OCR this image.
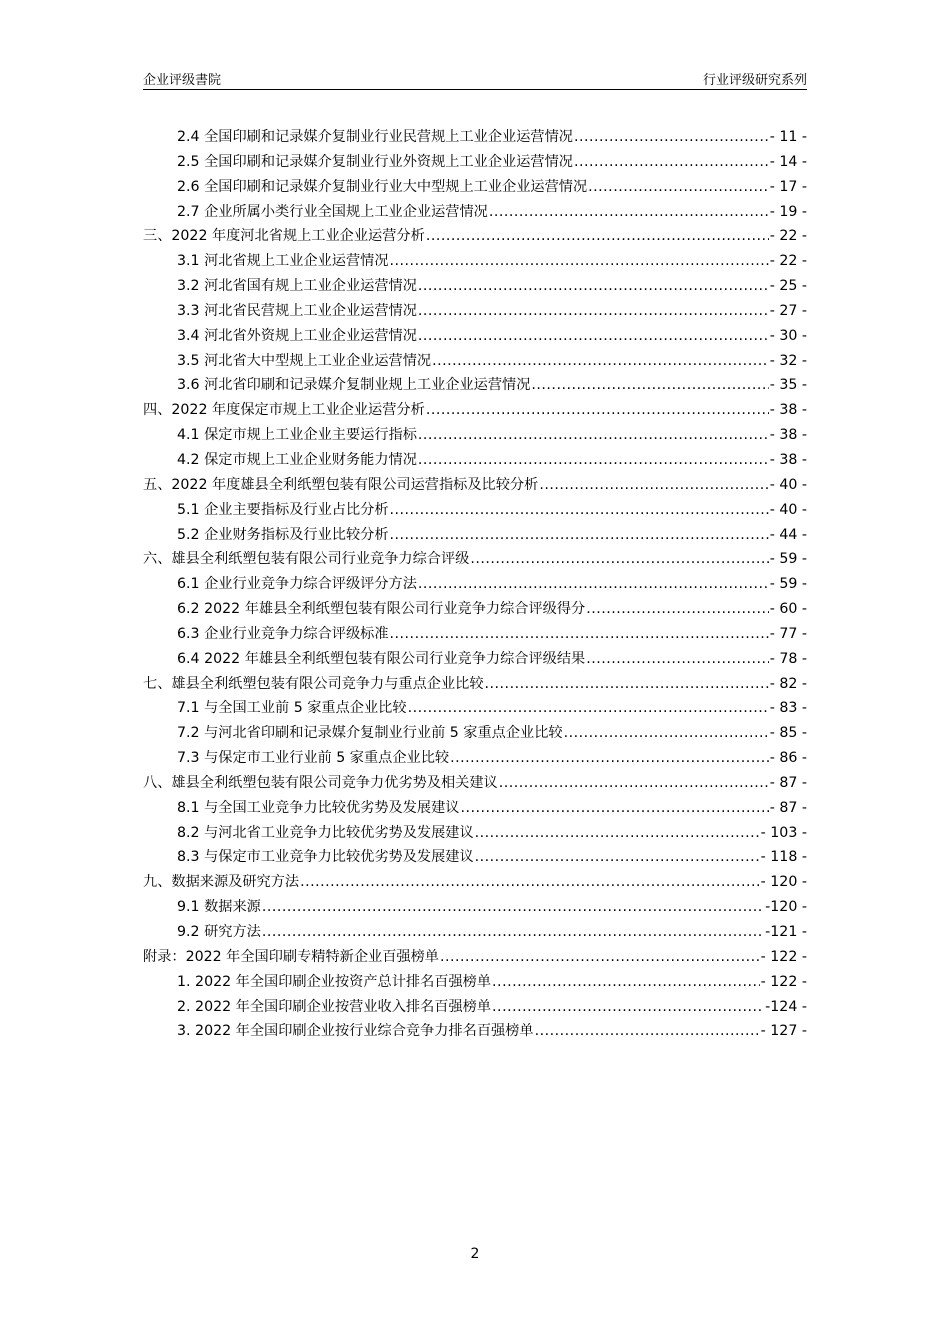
企业评级書院	行业评级研究系列
2.4 全国印刷和记录媒介复制业行业民营规上工业企业运营情况 .....	- 11 -
2.5 全国印刷和记录媒介复制业行业外资规上工业企业运营情况 .....	- 14 -
2.6 全国印刷和记录媒介复制业行业大中型规上工业企业运营情况 .....	- 17 -
2.7 企业所属小类行业全国规上工业企业运营情况 .....	- 19 -
三、2022 年度河北省规上工业企业运营分析 .....	- 22 -
3.1 河北省规上工业企业运营情况 .....	- 22 -
3.2 河北省国有规上工业企业运营情况 .....	- 25 -
3.3 河北省民营规上工业企业运营情况 .....	- 27 -
3.4 河北省外资规上工业企业运营情况 .....	- 30 -
3.5 河北省大中型规上工业企业运营情况 .....	- 32 -
3.6 河北省印刷和记录媒介复制业规上工业企业运营情况 .....	- 35 -
四、2022 年度保定市规上工业企业运营分析 .....	- 38 -
4.1 保定市规上工业企业主要运行指标 .....	- 38 -
4.2 保定市规上工业企业财务能力情况 .....	- 38 -
五、2022 年度雄县全利纸塑包装有限公司运营指标及比较分析 .....	- 40 -
5.1 企业主要指标及行业占比分析 .....	- 40 -
5.2 企业财务指标及行业比较分析 .....	- 44 -
六、雄县全利纸塑包装有限公司行业竞争力综合评级 .....	- 59 -
6.1 企业行业竞争力综合评级评分方法 .....	- 59 -
6.2 2022 年雄县全利纸塑包装有限公司行业竞争力综合评级得分 .....	- 60 -
6.3 企业行业竞争力综合评级标准 .....	- 77 -
6.4 2022 年雄县全利纸塑包装有限公司行业竞争力综合评级结果 .....	- 78 -
七、雄县全利纸塑包装有限公司竞争力与重点企业比较 .....	- 82 -
7.1 与全国工业前 5 家重点企业比较 .....	- 83 -
7.2 与河北省印刷和记录媒介复制业行业前 5 家重点企业比较 .....	- 85 -
7.3 与保定市工业行业前 5 家重点企业比较 .....	- 86 -
八、雄县全利纸塑包装有限公司竞争力优劣势及相关建议 .....	- 87 -
8.1 与全国工业竞争力比较优劣势及发展建议 .....	- 87 -
8.2 与河北省工业竞争力比较优劣势及发展建议 .....	- 103 -
8.3 与保定市工业竞争力比较优劣势及发展建议 .....	- 118 -
九、数据来源及研究方法 .....	- 120 -
9.1 数据来源 .....	-120 -
9.2 研究方法 .....	-121 -
附录：2022 年全国印刷专精特新企业百强榜单 .....	- 122 -
1. 2022 年全国印刷企业按资产总计排名百强榜单 .....	- 122 -
2. 2022 年全国印刷企业按营业收入排名百强榜单 .....	-124 -
3. 2022 年全国印刷企业按行业综合竞争力排名百强榜单 .....	- 127 -
2
